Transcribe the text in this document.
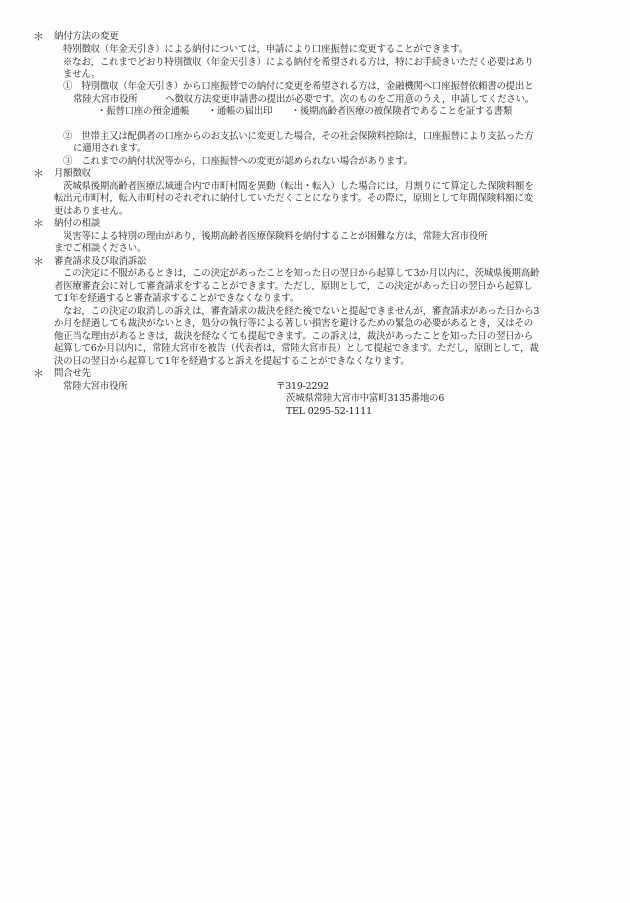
＊ 納付方法の変更
特別徴収（年金天引き）による納付については，申請により口座振替に変更することができます。
※なお，これまでどおり特別徴収（年金天引き）による納付を希望される方は，特にお手続きいただく必要はあり
ません。
①　特別徴収（年金天引き）から口座振替での納付に変更を希望される方は，金融機関へ口座振替依頼書の提出と
常陸大宮市役所　　　へ徴収方法変更申請書の提出が必要です。次のものをご用意のうえ，申請してください。
・振替口座の預金通帳　　・通帳の届出印　　・後期高齢者医療の被保険者であることを証する書類
②　世帯主又は配偶者の口座からのお支払いに変更した場合，その社会保険料控除は，口座振替により支払った方
に適用されます。
③　これまでの納付状況等から，口座振替への変更が認められない場合があります。
＊ 月額徴収
茨城県後期高齢者医療広域連合内で市町村間を異動（転出・転入）した場合には，月割りにて算定した保険料額を
転出元市町村，転入市町村のそれぞれに納付していただくことになります。その際に，原則として年間保険料額に変
更はありません。
＊ 納付の相談
災害等による特別の理由があり，後期高齢者医療保険料を納付することが困難な方は，常陸大宮市役所
までご相談ください。
＊ 審査請求及び取消訴訟
この決定に不服があるときは，この決定があったことを知った日の翌日から起算して3か月以内に，茨城県後期高齢
者医療審査会に対して審査請求をすることができます。ただし，原則として，この決定があった日の翌日から起算し
て1年を経過すると審査請求することができなくなります。
なお，この決定の取消しの訴えは，審査請求の裁決を経た後でないと提起できませんが，審査請求があった日から3
か月を経過しても裁決がないとき，処分の執行等による著しい損害を避けるための緊急の必要があるとき，又はその
他正当な理由があるときは，裁決を経なくても提起できます。この訴えは，裁決があったことを知った日の翌日から
起算して6か月以内に，常陸大宮市を被告（代表者は，常陸大宮市長）として提起できます。ただし，原則として，裁
決の日の翌日から起算して1年を経過すると訴えを提起することができなくなります。
＊ 問合せ先
常陸大宮市役所	〒319-2292
茨城県常陸大宮市中富町3135番地の6
TEL 0295-52-1111
